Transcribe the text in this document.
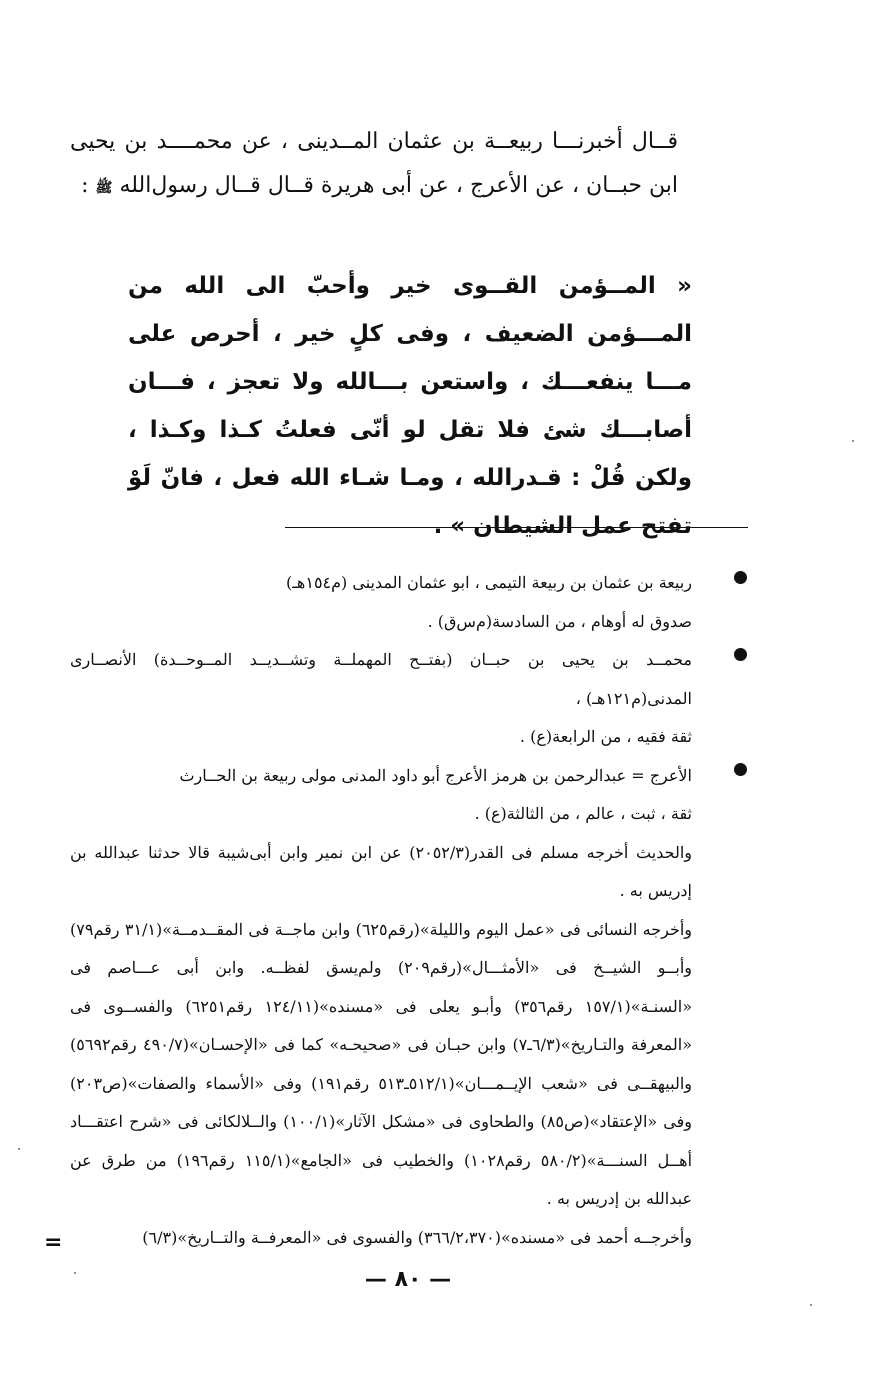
قــال أخبرنـــا ربيعــة بن عثمان المــدينى ، عن محمــــد بن يحيى ابن حبــان ، عن الأعرج ، عن أبى هريرة قــال قــال رسول‌الله ﷺ :
« المــؤمن القــوى خير وأحبّ الى الله من المـــؤمن الضعيف ، وفى كلٍ خير ، أحرص على مـــا ينفعـــك ، واستعن بـــالله ولا تعجز ، فـــان أصابـــك شئ فلا تقل لو أنّى فعلتُ كـذا وكـذا ، ولكن قُلْ : قـدرالله ، ومـا شـاء الله فعل ، فانّ لَوْ تفتح عمل الشيطان » .

ربيعة بن عثمان بن ربيعة التيمى ، ابو عثمان المدينى (م١٥٤هـ)

صدوق له أوهام ، من السادسة(م‌س‌ق) .

محمــد بن يحيى بن حبــان (بفتــح المهملــة وتشــديــد المــوحــدة) الأنصــارى المدنى(م١٢١هـ) ،

ثقة فقيه ، من الرابعة(ع) .

الأعرج = عبدالرحمن بن هرمز الأعرج أبو داود المدنى مولى ربيعة بن الحــارث

ثقة ، ثبت ، عالم ، من الثالثة(ع) .

والحديث أخرجه مسلم فى القدر(٢٠٥٢/٣) عن ابن نمير وابن أبى‌شيبة قالا حدثنا عبدالله بن إدريس به .

وأخرجه النسائى فى «عمل اليوم والليلة»(رقم٦٢٥) وابن ماجــة فى المقــدمــة»(٣١/١ رقم٧٩) وأبــو الشيــخ فى «الأمثـــال»(رقم٢٠٩) ولم‌يسق لفظــه. وابن أبى عـــاصم فى «السنـة»(١٥٧/١ رقم٣٥٦) وأبـو يعلى فى «مسنده»(١٢٤/١١ رقم٦٢٥١) والفســوى فى «المعرفة والتـاريخ»(٦/٣ـ٧) وابن حبـان فى «صحيحـه» كما فى «الإحسـان»(٤٩٠/٧ رقم٥٦٩٢) والبيهقــى فى «شعب الإيــمـــان»(٥١٢/١ـ٥١٣ رقم١٩١) وفى «الأسماء والصفات»(ص٢٠٣) وفى «الإعتقاد»(ص٨٥) والطحاوى فى «مشكل الآثار»(١٠٠/١) والــلالكائى فى «شرح اعتقـــاد أهــل السنـــة»(٥٨٠/٢ رقم١٠٢٨) والخطيب فى «الجامع»(١١٥/١ رقم١٩٦) من طرق عن عبدالله بن إدريس به .

وأخرجــه أحمد فى «مسنده»(٣٦٦/٢،٣٧٠) والفسوى فى «المعرفــة والتــاريخ»(٦/٣)

=
— ٨٠ —
